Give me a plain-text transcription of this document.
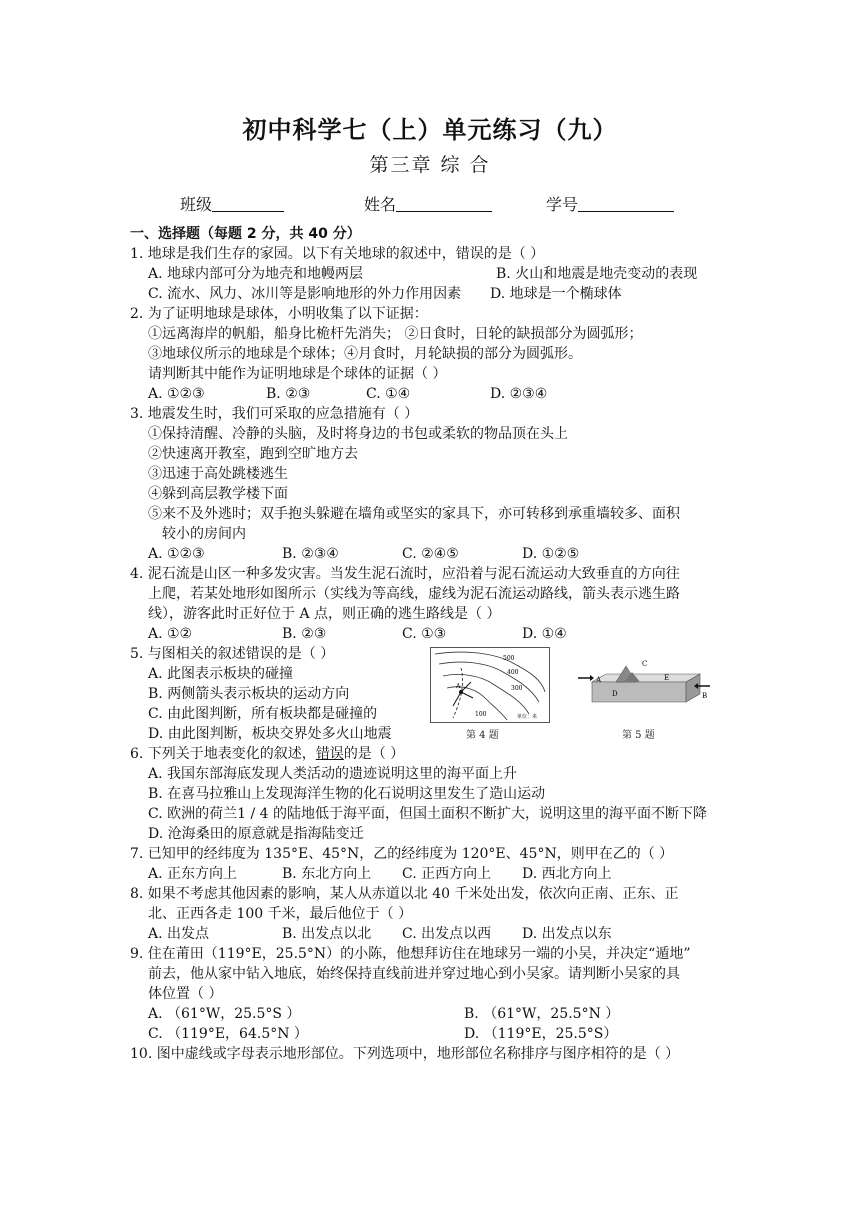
初中科学七（上）单元练习（九）
第三章 综 合
班级	姓名	学号
一、选择题（每题 2 分，共 40 分）
1. 地球是我们生存的家园。以下有关地球的叙述中，错误的是（ ）
A. 地球内部可分为地壳和地幔两层	B. 火山和地震是地壳变动的表现
C. 流水、风力、冰川等是影响地形的外力作用因素 D. 地球是一个椭球体
2. 为了证明地球是球体，小明收集了以下证据：
①远离海岸的帆船，船身比桅杆先消失； ②日食时，日轮的缺损部分为圆弧形；
③地球仪所示的地球是个球体；④月食时，月轮缺损的部分为圆弧形。
请判断其中能作为证明地球是个球体的证据（ ）
A. ①②③	B. ②③	C. ①④	D. ②③④
3. 地震发生时，我们可采取的应急措施有（ ）
①保持清醒、冷静的头脑，及时将身边的书包或柔软的物品顶在头上
②快速离开教室，跑到空旷地方去
③迅速于高处跳楼逃生
④躲到高层教学楼下面
⑤来不及外逃时；双手抱头躲避在墙角或坚实的家具下，亦可转移到承重墙较多、面积
较小的房间内
A. ①②③	B. ②③④	C. ②④⑤	D. ①②⑤
4. 泥石流是山区一种多发灾害。当发生泥石流时，应沿着与泥石流运动大致垂直的方向往
上爬，若某处地形如图所示（实线为等高线，虚线为泥石流运动路线，箭头表示逃生路
线），游客此时正好位于 A 点，则正确的逃生路线是（ ）
A. ①②	B. ②③	C. ①③	D. ①④
5. 与图相关的叙述错误的是（ ）
A. 此图表示板块的碰撞
B. 两侧箭头表示板块的运动方向
C. 由此图判断，所有板块都是碰撞的
D. 由此图判断，板块交界处多火山地震
500
300
100
400
A
单位：米
第 4 题
A
B
C
D
E
第 5 题
6. 下列关于地表变化的叙述，错误的是（ ）
A. 我国东部海底发现人类活动的遗迹说明这里的海平面上升
B. 在喜马拉雅山上发现海洋生物的化石说明这里发生了造山运动
C. 欧洲的荷兰1 / 4 的陆地低于海平面，但国土面积不断扩大，说明这里的海平面不断下降
D. 沧海桑田的原意就是指海陆变迁
7. 已知甲的经纬度为 135°E、45°N，乙的经纬度为 120°E、45°N，则甲在乙的（ ）
A. 正东方向上	B. 东北方向上 C. 正西方向上 D. 西北方向上
8. 如果不考虑其他因素的影响，某人从赤道以北 40 千米处出发，依次向正南、正东、正
北、正西各走 100 千米，最后他位于（ ）
A. 出发点	B. 出发点以北 C. 出发点以西 D. 出发点以东
9. 住在莆田（119°E，25.5°N）的小陈，他想拜访住在地球另一端的小吴，并决定“遁地”
前去，他从家中钻入地底，始终保持直线前进并穿过地心到小吴家。请判断小吴家的具
体位置（ ）
A. （61°W，25.5°S ）	B. （61°W，25.5°N ）
C. （119°E，64.5°N ）	D. （119°E，25.5°S）
10. 图中虚线或字母表示地形部位。下列选项中，地形部位名称排序与图序相符的是（ ）
